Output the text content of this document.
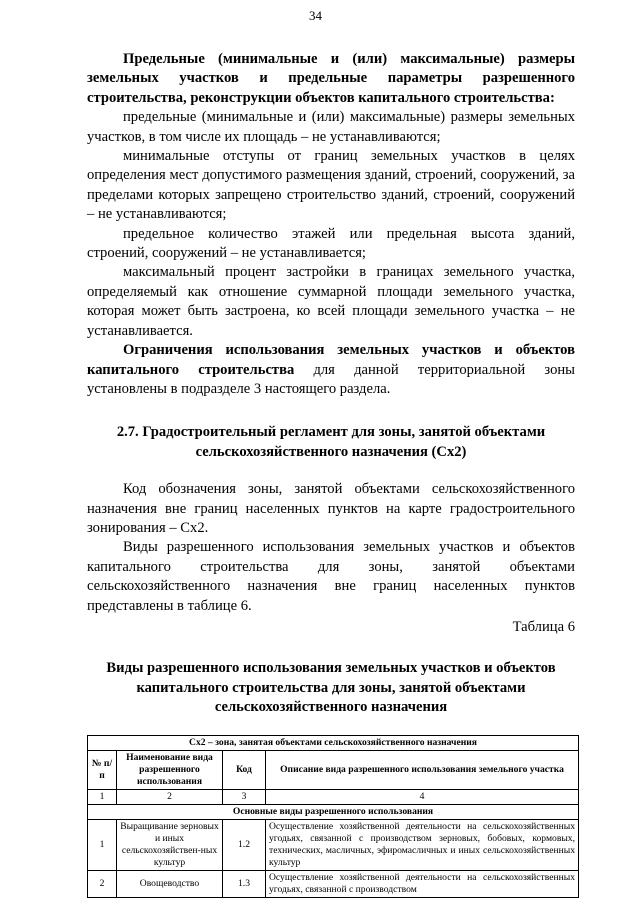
34

Предельные (минимальные и (или) максимальные) размеры земельных участков и предельные параметры разрешенного строительства, реконструкции объектов капитального строительства:

предельные (минимальные и (или) максимальные) размеры земельных участков, в том числе их площадь – не устанавливаются;

минимальные отступы от границ земельных участков в целях определения мест допустимого размещения зданий, строений, сооружений, за пределами которых запрещено строительство зданий, строений, сооружений – не устанавливаются;

предельное количество этажей или предельная высота зданий, строений, сооружений – не устанавливается;

максимальный процент застройки в границах земельного участка, определяемый как отношение суммарной площади земельного участка, которая может быть застроена, ко всей площади земельного участка – не устанавливается.

Ограничения использования земельных участков и объектов капитального строительства для данной территориальной зоны установлены в подразделе 3 настоящего раздела.

2.7. Градостроительный регламент для зоны, занятой объектами сельскохозяйственного назначения (Сх2)

Код обозначения зоны, занятой объектами сельскохозяйственного назначения вне границ населенных пунктов на карте градостроительного зонирования – Сх2.

Виды разрешенного использования земельных участков и объектов капитального строительства для зоны, занятой объектами сельскохозяйственного назначения вне границ населенных пунктов представлены в таблице 6.

Таблица 6

Виды разрешенного использования земельных участков и объектов капитального строительства для зоны, занятой объектами сельскохозяйственного назначения
Сх2 – зона, занятая объектами сельскохозяйственного назначения			
№ п/п	Наименование вида разрешенного использования	Код	Описание вида разрешенного использования земельного участка
1	2	3	4
Основные виды разрешенного использования			
1	Выращивание зерновых и иных сельскохозяйствен-ных культур	1.2	Осуществление хозяйственной деятельности на сельскохозяйственных угодьях, связанной с производством зерновых, бобовых, кормовых, технических, масличных, эфиромасличных и иных сельскохозяйственных культур
2	Овощеводство	1.3	Осуществление хозяйственной деятельности на сельскохозяйственных угодьях, связанной с производством
